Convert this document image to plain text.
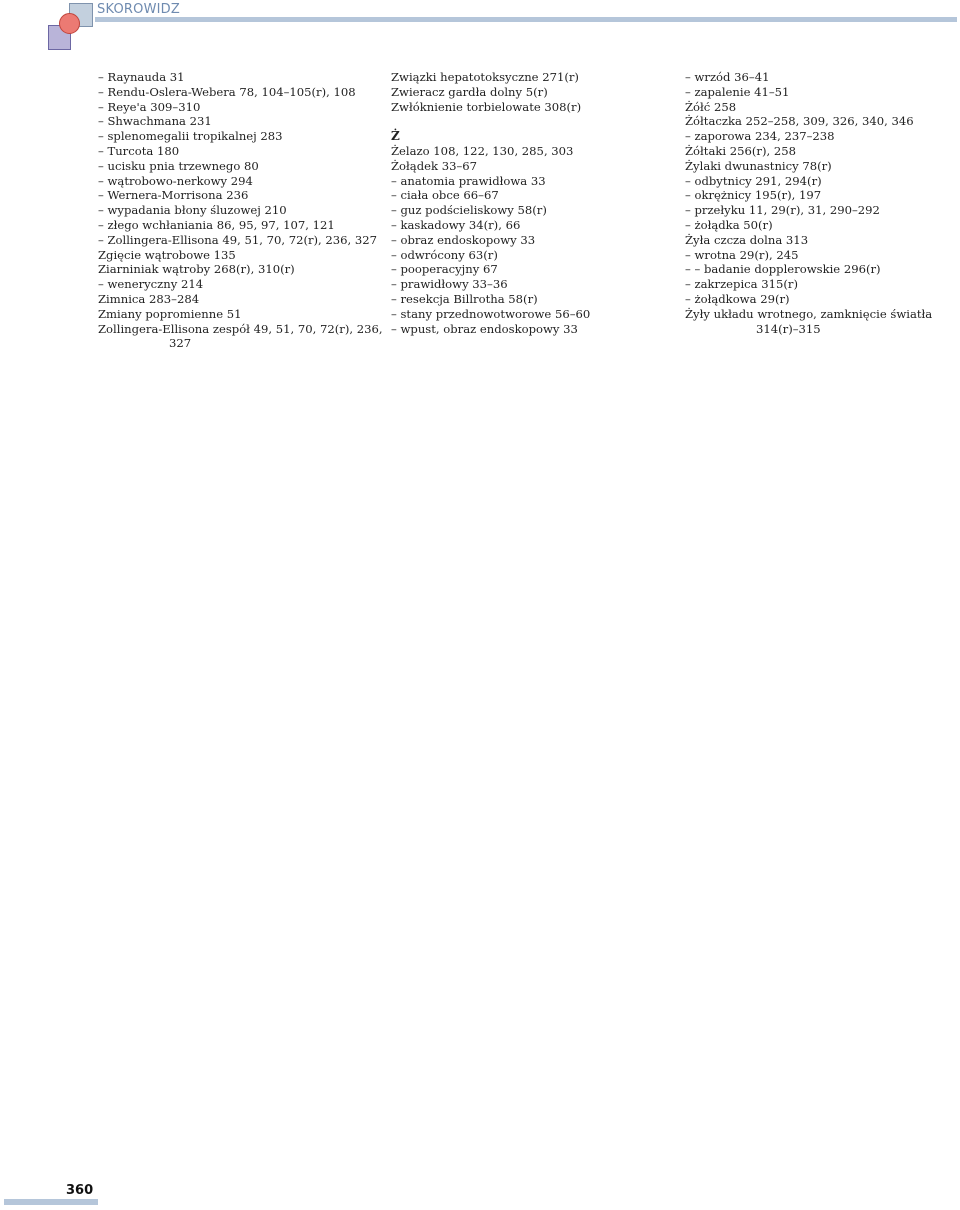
SKOROWIDZ
– Raynauda 31
– Rendu-Oslera-Webera 78, 104–105(r), 108
– Reye'a 309–310
– Shwachmana 231
– splenomegalii tropikalnej 283
– Turcota 180
– ucisku pnia trzewnego 80
– wątrobowo-nerkowy 294
– Wernera-Morrisona 236
– wypadania błony śluzowej 210
– złego wchłaniania 86, 95, 97, 107, 121
– Zollingera-Ellisona 49, 51, 70, 72(r), 236, 327
Zgięcie wątrobowe 135
Ziarniniak wątroby 268(r), 310(r)
– weneryczny 214
Zimnica 283–284
Zmiany popromienne 51
Zollingera-Ellisona zespół 49, 51, 70, 72(r), 236,
327
Związki hepatotoksyczne 271(r)
Zwieracz gardła dolny 5(r)
Zwłóknienie torbielowate 308(r)
Ż
Żelazo 108, 122, 130, 285, 303
Żołądek 33–67
– anatomia prawidłowa 33
– ciała obce 66–67
– guz podścieliskowy 58(r)
– kaskadowy 34(r), 66
– obraz endoskopowy 33
– odwrócony 63(r)
– pooperacyjny 67
– prawidłowy 33–36
– resekcja Billrotha 58(r)
– stany przednowotworowe 56–60
– wpust, obraz endoskopowy 33
– wrzód 36–41
– zapalenie 41–51
Żółć 258
Żółtaczka 252–258, 309, 326, 340, 346
– zaporowa 234, 237–238
Żółtaki 256(r), 258
Żylaki dwunastnicy 78(r)
– odbytnicy 291, 294(r)
– okrężnicy 195(r), 197
– przełyku 11, 29(r), 31, 290–292
– żołądka 50(r)
Żyła czcza dolna 313
– wrotna 29(r), 245
– – badanie dopplerowskie 296(r)
– zakrzepica 315(r)
– żołądkowa 29(r)
Żyły układu wrotnego, zamknięcie światła
314(r)–315
360
